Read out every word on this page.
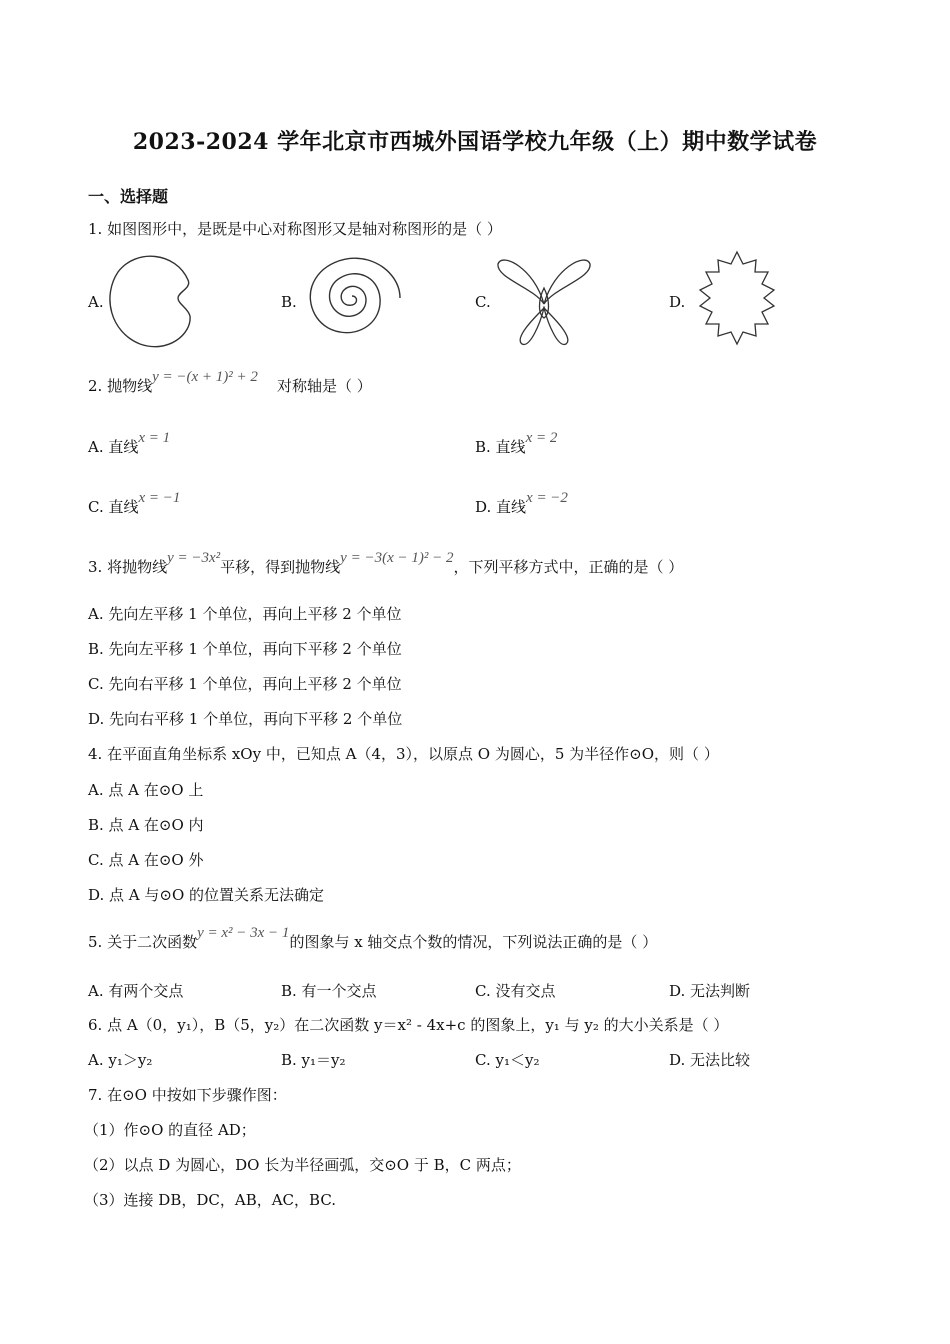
2023-2024 学年北京市西城外国语学校九年级（上）期中数学试卷
一、选择题
1. 如图图形中，是既是中心对称图形又是轴对称图形的是（ ）
A.	B.	C.	D.
2. 抛物线y = −(x + 1)² + 2 对称轴是（ ）
A. 直线x = 1	B. 直线x = 2
C. 直线x = −1	D. 直线x = −2
3. 将抛物线y = −3x²平移，得到抛物线y = −3(x − 1)² − 2，下列平移方式中，正确的是（ ）
A. 先向左平移 1 个单位，再向上平移 2 个单位
B. 先向左平移 1 个单位，再向下平移 2 个单位
C. 先向右平移 1 个单位，再向上平移 2 个单位
D. 先向右平移 1 个单位，再向下平移 2 个单位
4. 在平面直角坐标系 xOy 中，已知点 A（4，3），以原点 O 为圆心，5 为半径作⊙O，则（ ）
A. 点 A 在⊙O 上
B. 点 A 在⊙O 内
C. 点 A 在⊙O 外
D. 点 A 与⊙O 的位置关系无法确定
5. 关于二次函数y = x² − 3x − 1的图象与 x 轴交点个数的情况，下列说法正确的是（ ）
A. 有两个交点	B. 有一个交点	C. 没有交点	D. 无法判断
6. 点 A（0，y₁），B（5，y₂）在二次函数 y＝x² - 4x+c 的图象上，y₁ 与 y₂ 的大小关系是（ ）
A. y₁＞y₂	B. y₁＝y₂	C. y₁＜y₂	D. 无法比较
7. 在⊙O 中按如下步骤作图：
（1）作⊙O 的直径 AD；
（2）以点 D 为圆心，DO 长为半径画弧，交⊙O 于 B，C 两点；
（3）连接 DB，DC，AB，AC，BC.
